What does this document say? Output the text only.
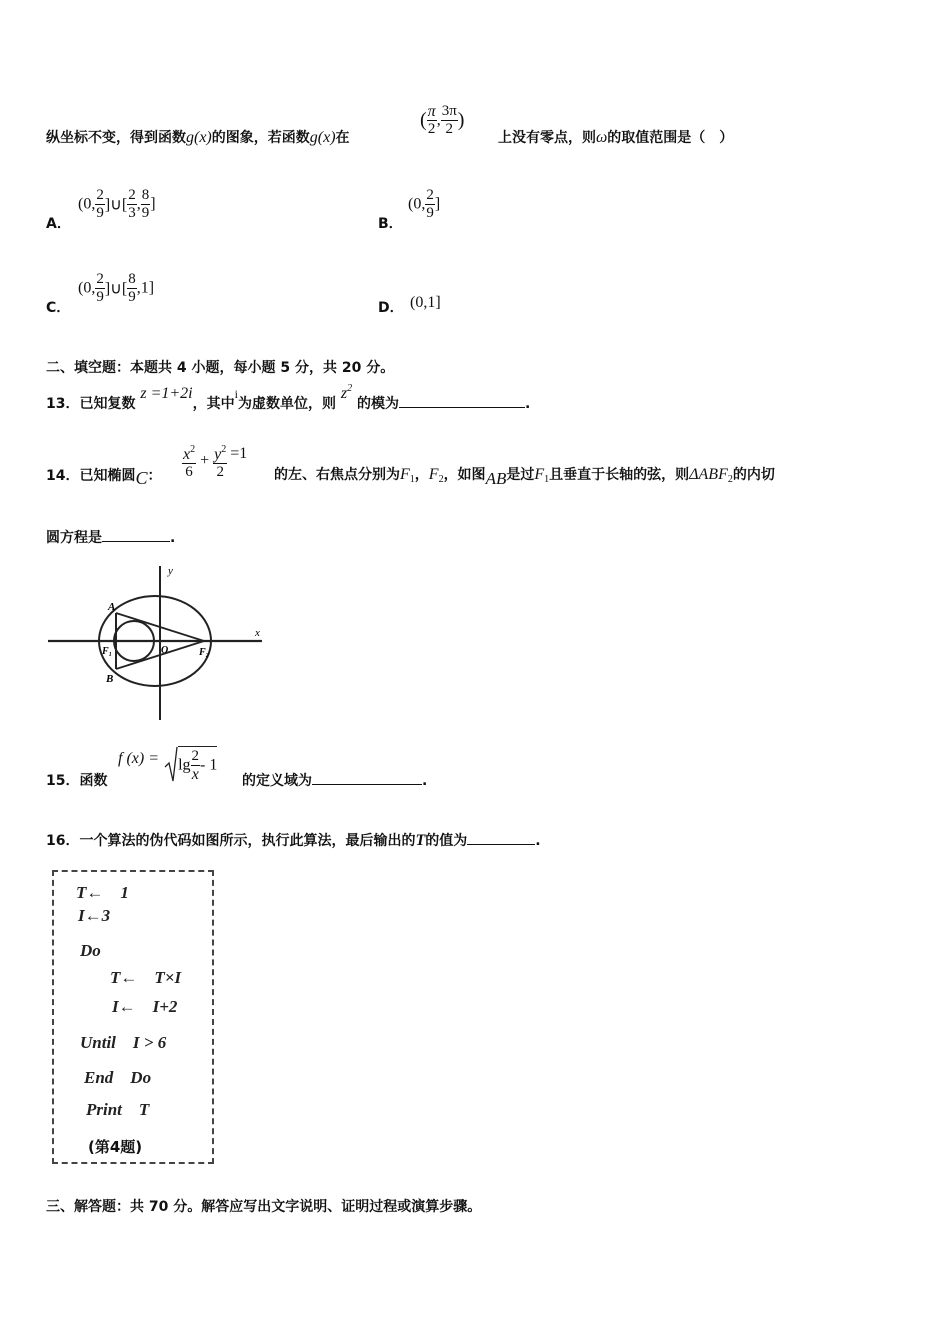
纵坐标不变，得到函数g(x)的图象，若函数g(x)在
( $\frac{\pi}{2}$ , $\frac{3\pi}{2}$ )
上没有零点，则ω的取值范围是（　）
A．
(0, $\frac{2}{9}$ ]∪[ $\frac{2}{3}$ , $\frac{8}{9}$ ]
B．
(0, $\frac{2}{9}$ ]
C．
(0, $\frac{2}{9}$ ]∪[ $\frac{8}{9} ,1$]
D． (0,1]
二、填空题：本题共 4 小题，每小题 5 分，共 20 分。
13．已知复数 z =1+2i，其中i为虚数单位，则 $z^2$ 的模为	.
14．已知椭圆C： $\frac{x^2}{6} + \frac{y^2}{2} =1$
的左、右焦点分别为$F_1$，$F_2$，如图AB是过$F_1$且垂直于长轴的弦，则$\Delta ABF_2$的内切
圆方程是	.
y
x
A
B
F₁	O	F₂
15．函数
f $(x) = \lg \frac{2}{x} - 1$
的定义域为	.
16．一个算法的伪代码如图所示，执行此算法，最后输出的T的值为	.
T←　1
I←3
Do
T←　T×I
I←　I+2
Until　I > 6
End　Do
Print　T
(第4题)
三、解答题：共 70 分。解答应写出文字说明、证明过程或演算步骤。
